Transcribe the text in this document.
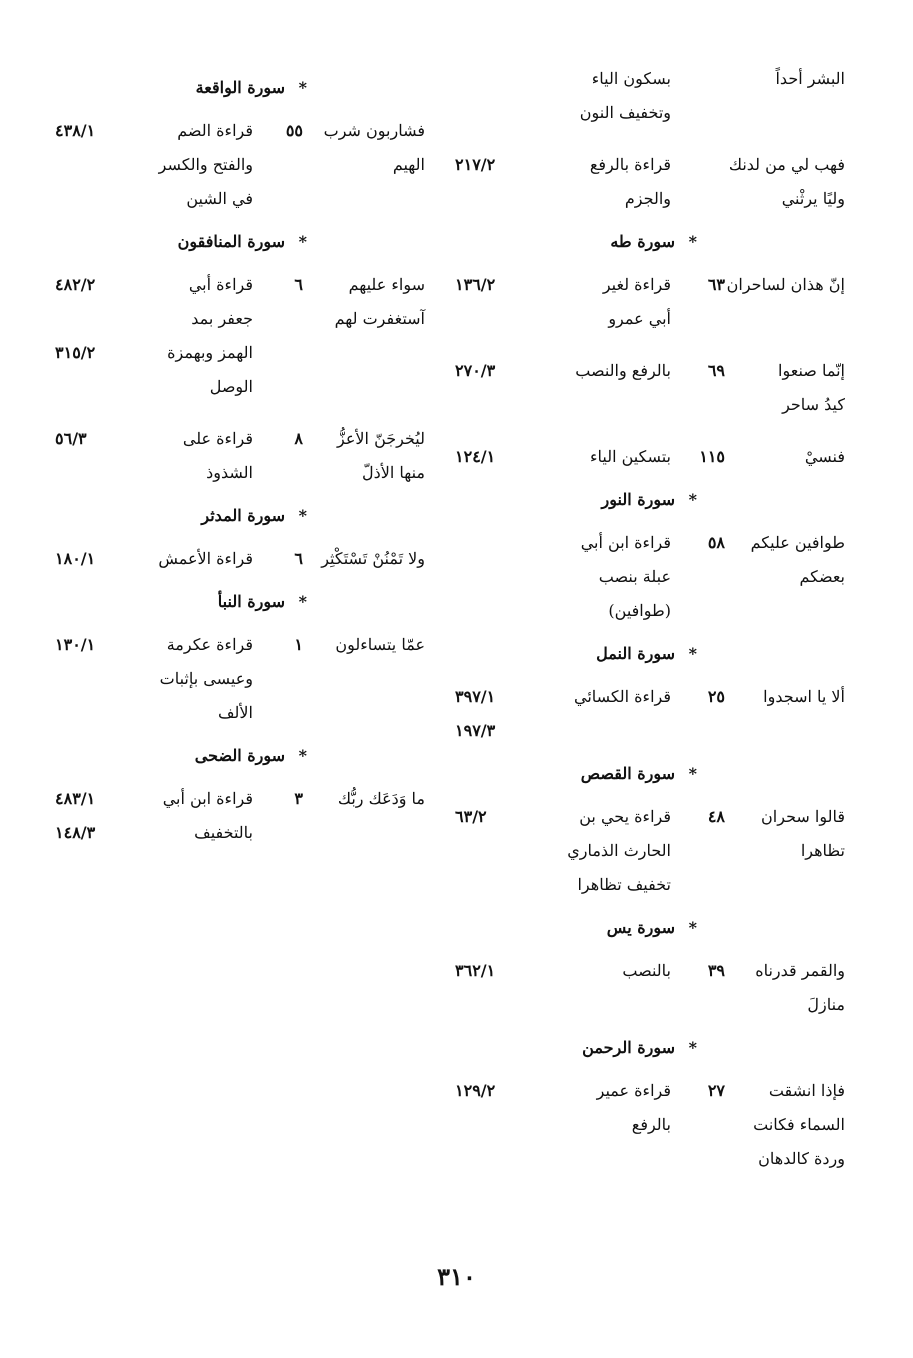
البشر أحداً
بسكون الياء
وتخفيف النون
فهب لي من لدنك
قراءة بالرفع
٢١٧/٢
وليًا يرثْني
والجزم
*
سورة طه
إنّ هذان لساحران
٦٣
قراءة لغير
١٣٦/٢
أبي عمرو
إنّما صنعوا
٦٩
بالرفع والنصب
٢٧٠/٣
كيدُ ساحر
فنسيْ
١١٥
بتسكين الياء
١٢٤/١
*
سورة النور
طوافين عليكم
٥٨
قراءة ابن أبي
بعضكم
عبلة بنصب
(طوافين)
*
سورة النمل
ألا يا اسجدوا
٢٥
قراءة الكسائي
٣٩٧/١
١٩٧/٣
*
سورة القصص
قالوا سحران
٤٨
قراءة يحي بن
٦٣/٢
تظاهرا
الحارث الذماري
تخفيف تظاهرا
*
سورة يس
والقمر قدرناه
٣٩
بالنصب
٣٦٢/١
منازلَ
*
سورة الرحمن
فإذا انشقت
٢٧
قراءة عمير
١٢٩/٢
السماء فكانت
بالرفع
وردة كالدهان
*
سورة الواقعة
فشاربون شرب
٥٥
قراءة الضم
٤٣٨/١
الهيم
والفتح والكسر
في الشين
*
سورة المنافقون
سواء عليهم
٦
قراءة أبي
٤٨٢/٢
آستغفرت لهم
جعفر بمد
الهمز وبهمزة
٣١٥/٢
الوصل
ليُخرجَنّ الأعزُّ
٨
قراءة على
٥٦/٣
منها الأذلّ
الشذوذ
*
سورة المدثر
ولا تَمْنُنْ تَسْتَكْثِر
٦
قراءة الأعمش
١٨٠/١
*
سورة النبأ
عمّا يتساءلون
١
قراءة عكرمة
١٣٠/١
وعيسى بإثبات
الألف
*
سورة الضحى
ما وَدَعَك ربُّك
٣
قراءة ابن أبي
٤٨٣/١
بالتخفيف
١٤٨/٣
٣١٠
